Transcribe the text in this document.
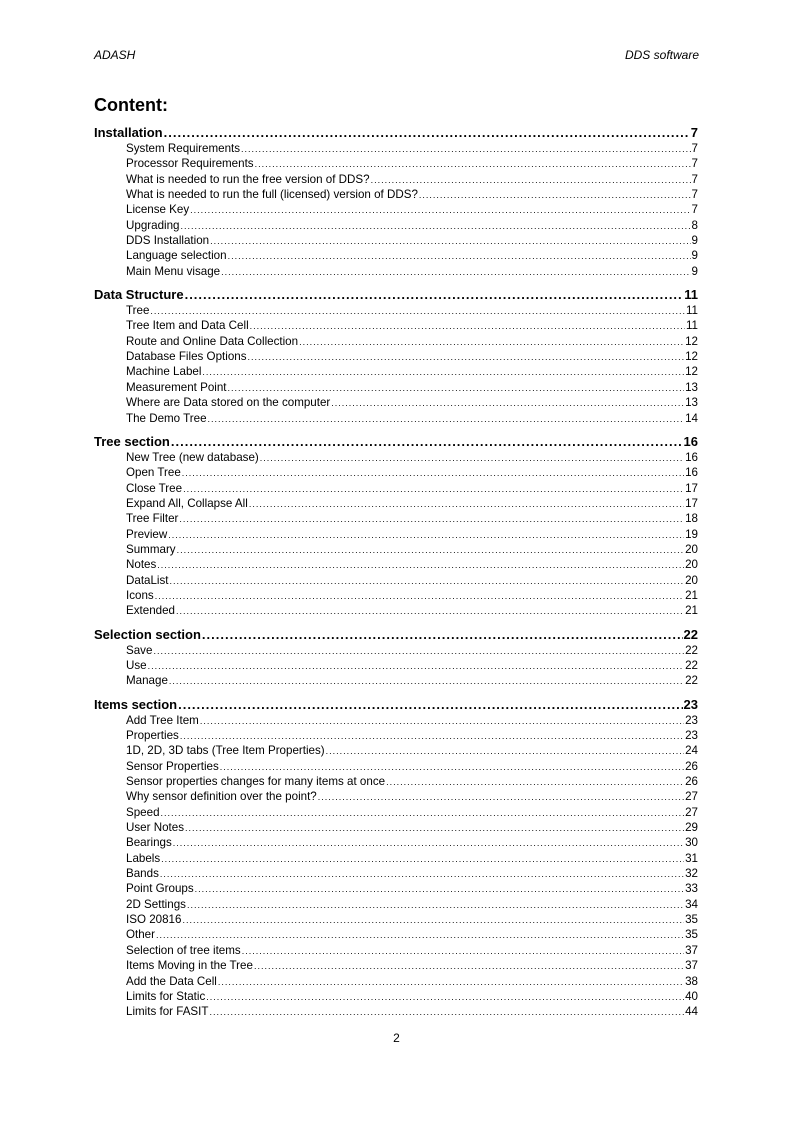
ADASH	DDS software
Content:
Installation .....	7
System Requirements .....	7
Processor Requirements .....	7
What is needed to run the free version of DDS? .....	7
What is needed to run the full (licensed) version of DDS? .....	7
License Key .....	7
Upgrading .....	8
DDS Installation .....	9
Language selection .....	9
Main Menu visage .....	9
Data Structure .....	11
Tree .....	11
Tree Item and Data Cell .....	11
Route and Online Data Collection .....	12
Database Files Options .....	12
Machine Label .....	12
Measurement Point .....	13
Where are Data stored on the computer .....	13
The Demo Tree .....	14
Tree section .....	16
New Tree (new database) .....	16
Open Tree .....	16
Close Tree .....	17
Expand All, Collapse All .....	17
Tree Filter .....	18
Preview .....	19
Summary .....	20
Notes .....	20
DataList .....	20
Icons .....	21
Extended .....	21
Selection section .....	22
Save .....	22
Use .....	22
Manage .....	22
Items section .....	23
Add Tree Item .....	23
Properties .....	23
1D, 2D, 3D tabs (Tree Item Properties) .....	24
Sensor Properties .....	26
Sensor properties changes for many items at once .....	26
Why sensor definition over the point? .....	27
Speed .....	27
User Notes .....	29
Bearings .....	30
Labels .....	31
Bands .....	32
Point Groups .....	33
2D Settings .....	34
ISO 20816 .....	35
Other .....	35
Selection of tree items .....	37
Items Moving in the Tree .....	37
Add the Data Cell .....	38
Limits for Static .....	40
Limits for FASIT .....	44
2
